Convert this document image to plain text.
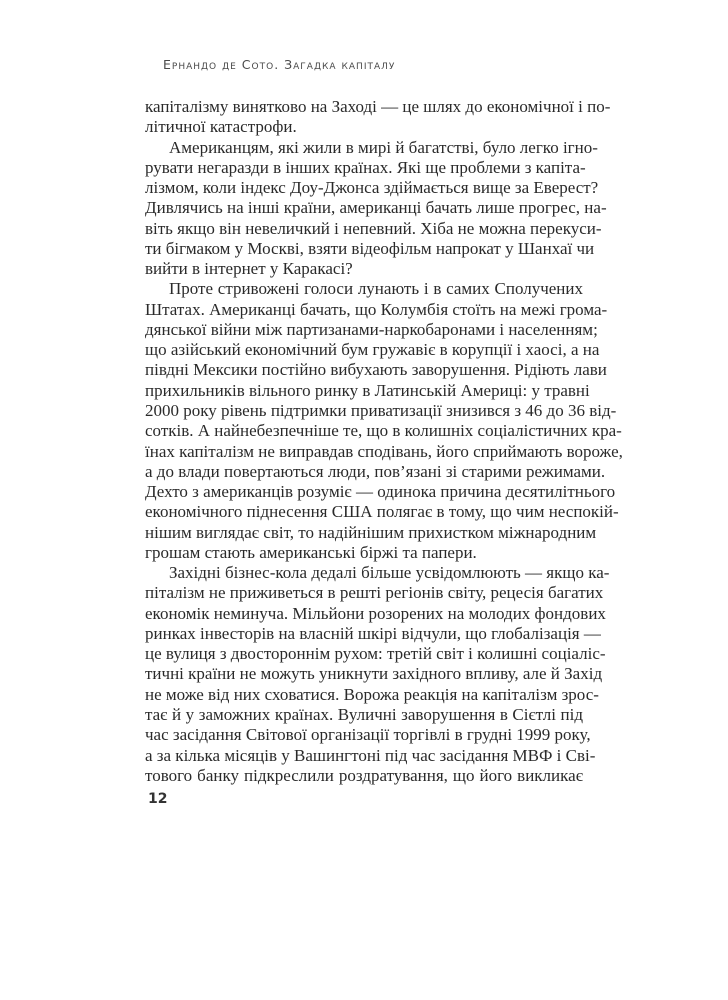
Ернандо де Сото. Загадка капіталу
капіталізму винятково на Заході — це шлях до економічної і по-
літичної катастрофи.
Американцям, які жили в мирі й багатстві, було легко ігно-
рувати негаразди в інших країнах. Які ще проблеми з капіта-
лізмом, коли індекс Доу-Джонса здіймається вище за Еверест?
Дивлячись на інші країни, американці бачать лише прогрес, на-
віть якщо він невеличкий і непевний. Хіба не можна перекуси-
ти бігмаком у Москві, взяти відеофільм напрокат у Шанхаї чи
вийти в інтернет у Каракасі?
Проте стривожені голоси лунають і в самих Сполучених
Штатах. Американці бачать, що Колумбія стоїть на межі грома-
дянської війни між партизанами-наркобаронами і населенням;
що азійський економічний бум гружавіє в корупції і хаосі, а на
півдні Мексики постійно вибухають заворушення. Рідіють лави
прихильників вільного ринку в Латинській Америці: у травні
2000 року рівень підтримки приватизації знизився з 46 до 36 від-
сотків. А найнебезпечніше те, що в колишніх соціалістичних кра-
їнах капіталізм не виправдав сподівань, його сприймають вороже,
а до влади повертаються люди, пов’язані зі старими режимами.
Дехто з американців розуміє — одинока причина десятилітнього
економічного піднесення США полягає в тому, що чим неспокій-
нішим виглядає світ, то надійнішим прихистком міжнародним
грошам стають американські біржі та папери.
Західні бізнес-кола дедалі більше усвідомлюють — якщо ка-
піталізм не приживеться в решті регіонів світу, рецесія багатих
економік неминуча. Мільйони розорених на молодих фондових
ринках інвесторів на власній шкірі відчули, що глобалізація —
це вулиця з двостороннім рухом: третій світ і колишні соціаліс-
тичні країни не можуть уникнути західного впливу, але й Захід
не може від них сховатися. Ворожа реакція на капіталізм зрос-
тає й у заможних країнах. Вуличні заворушення в Сієтлі під
час засідання Світової організації торгівлі в грудні 1999 року,
а за кілька місяців у Вашингтоні під час засідання МВФ і Сві-
тового банку підкреслили роздратування, що його викликає
12
